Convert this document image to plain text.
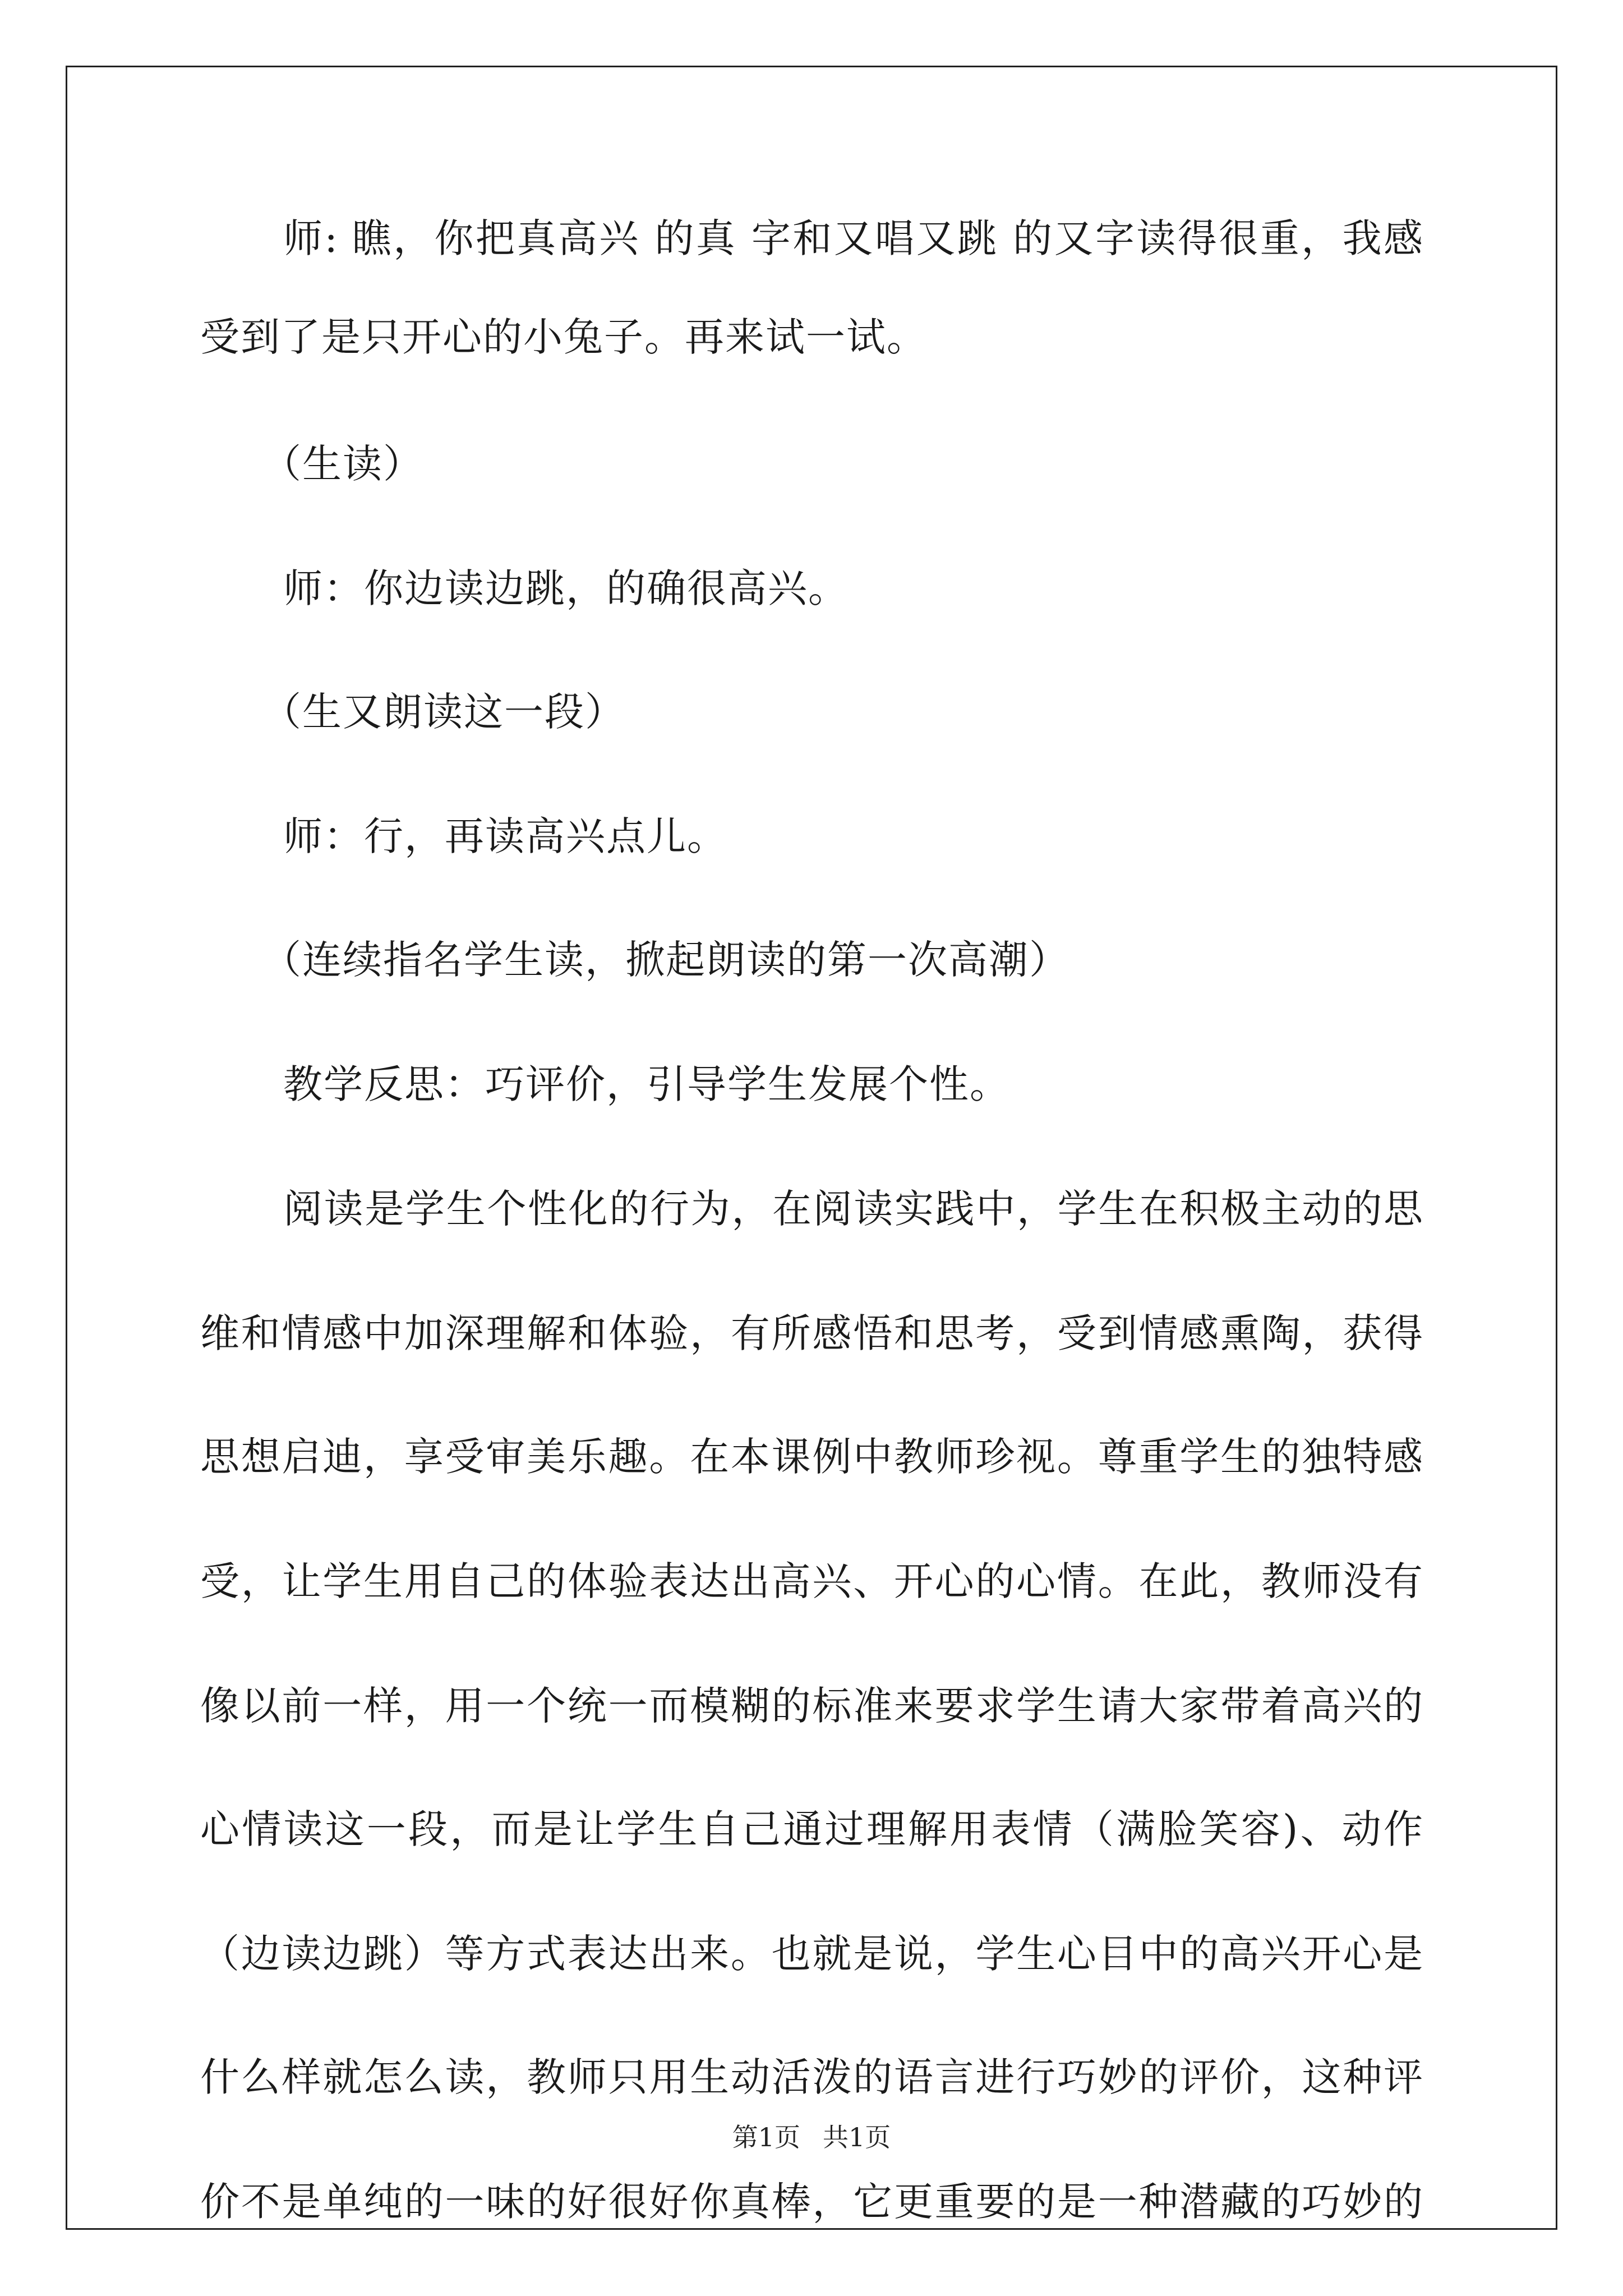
师: 瞧，你把真高兴 的真 字和又唱又跳 的又字读得很重，我感
受到了是只开心的小兔子。再来试一试。
（生读）
师：你边读边跳，的确很高兴。
（生又朗读这一段）
师：行，再读高兴点儿。
（连续指名学生读，掀起朗读的第一次高潮）
教学反思：巧评价，引导学生发展个性。
阅读是学生个性化的行为，在阅读实践中，学生在积极主动的思
维和情感中加深理解和体验，有所感悟和思考，受到情感熏陶，获得
思想启迪，享受审美乐趣。在本课例中教师珍视。尊重学生的独特感
受，让学生用自己的体验表达出高兴、开心的心情。在此，教师没有
像以前一样，用一个统一而模糊的标准来要求学生请大家带着高兴的
心情读这一段，而是让学生自己通过理解用表情（满脸笑容)、动作
（边读边跳）等方式表达出来。也就是说，学生心目中的高兴开心是
什么样就怎么读，教师只用生动活泼的语言进行巧妙的评价，这种评
价不是单纯的一味的好很好你真棒，它更重要的是一种潜藏的巧妙的
第1页 共1页
